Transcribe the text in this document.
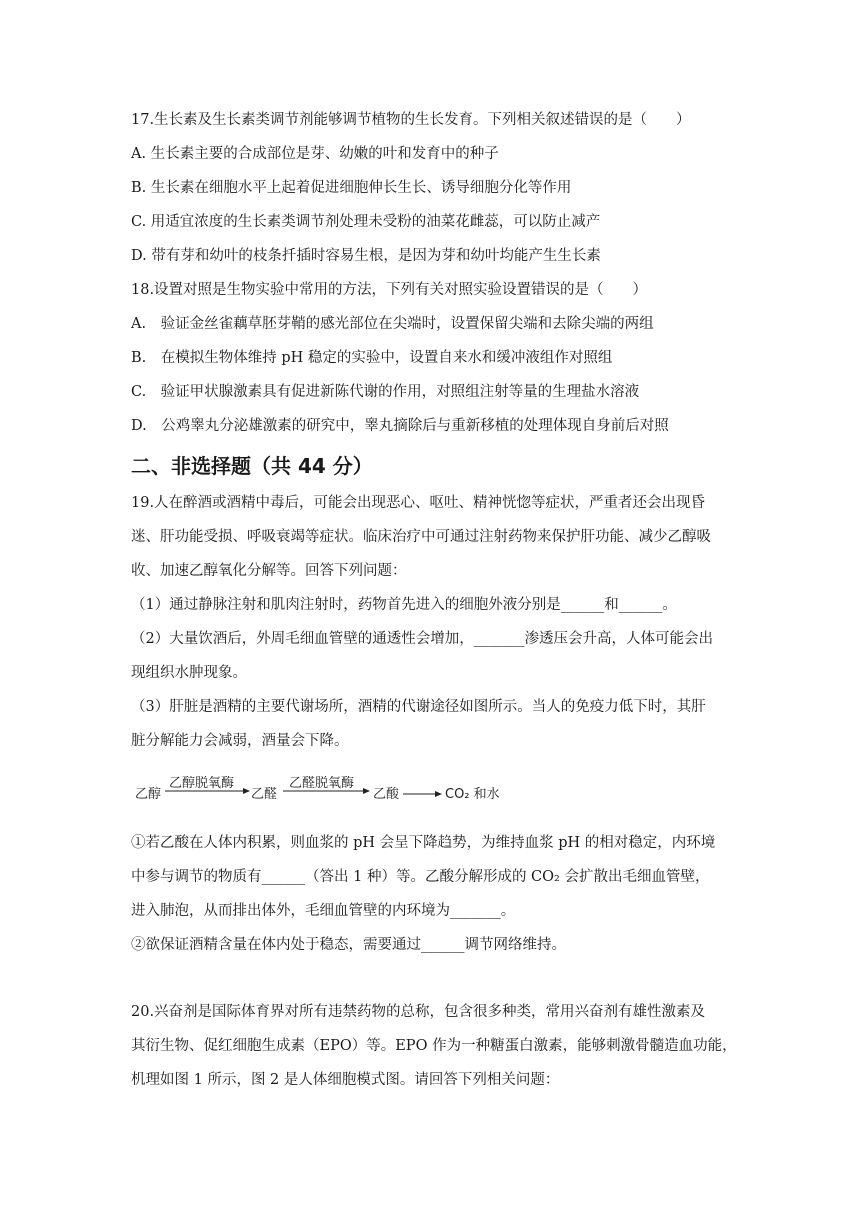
17.生长素及生长素类调节剂能够调节植物的生长发育。下列相关叙述错误的是（　　）
A. 生长素主要的合成部位是芽、幼嫩的叶和发育中的种子
B. 生长素在细胞水平上起着促进细胞伸长生长、诱导细胞分化等作用
C. 用适宜浓度的生长素类调节剂处理未受粉的油菜花雌蕊，可以防止减产
D. 带有芽和幼叶的枝条扦插时容易生根，是因为芽和幼叶均能产生生长素
18.设置对照是生物实验中常用的方法，下列有关对照实验设置错误的是（　　）
A.　验证金丝雀藕草胚芽鞘的感光部位在尖端时，设置保留尖端和去除尖端的两组
B.　在模拟生物体维持 pH 稳定的实验中，设置自来水和缓冲液组作对照组
C.　验证甲状腺激素具有促进新陈代谢的作用，对照组注射等量的生理盐水溶液
D.　公鸡睾丸分泌雄激素的研究中，睾丸摘除后与重新移植的处理体现自身前后对照
二、非选择题（共 44 分）
19.人在醉酒或酒精中毒后，可能会出现恶心、呕吐、精神恍惚等症状，严重者还会出现昏
迷、肝功能受损、呼吸衰竭等症状。临床治疗中可通过注射药物来保护肝功能、减少乙醇吸
收、加速乙醇氧化分解等。回答下列问题：
（1）通过静脉注射和肌肉注射时，药物首先进入的细胞外液分别是______和______。
（2）大量饮酒后，外周毛细血管壁的通透性会增加，_______渗透压会升高，人体可能会出
现组织水肿现象。
（3）肝脏是酒精的主要代谢场所，酒精的代谢途径如图所示。当人的免疫力低下时，其肝
脏分解能力会减弱，酒量会下降。
乙醇
乙醇脱氧酶
乙醛
乙醛脱氧酶
乙酸	CO₂ 和水
①若乙酸在人体内积累，则血浆的 pH 会呈下降趋势，为维持血浆 pH 的相对稳定，内环境
中参与调节的物质有______（答出 1 种）等。乙酸分解形成的 CO₂ 会扩散出毛细血管壁，
进入肺泡，从而排出体外，毛细血管壁的内环境为_______。
②欲保证酒精含量在体内处于稳态，需要通过______调节网络维持。
20.兴奋剂是国际体育界对所有违禁药物的总称，包含很多种类，常用兴奋剂有雄性激素及
其衍生物、促红细胞生成素（EPO）等。EPO 作为一种糖蛋白激素，能够刺激骨髓造血功能，
机理如图 1 所示，图 2 是人体细胞模式图。请回答下列相关问题：
